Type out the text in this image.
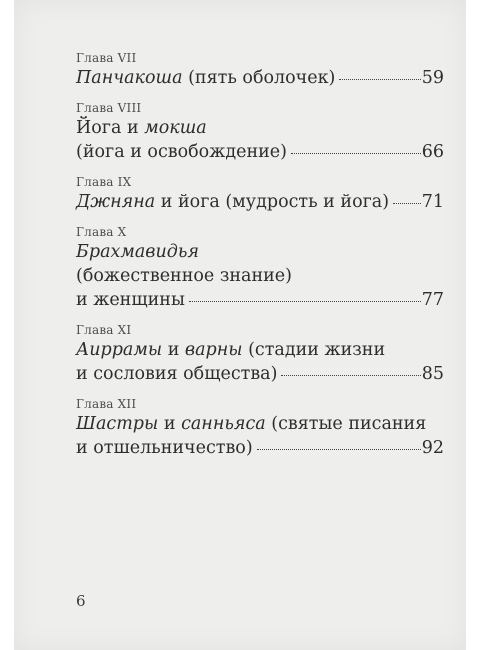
Глава VII
Панчакоша (пять оболочек)	59
Глава VIII
Йога и мокша
(йога и освобождение)	66
Глава IX
Джняна и йога (мудрость и йога) 71
Глава X
Брахмавидья
(божественное знание)
и женщины	77
Глава XI
Аиррамы и варны (стадии жизни
и сословия общества)	85
Глава XII
Шастры и санньяса (святые писания
и отшельничество)	92
6
